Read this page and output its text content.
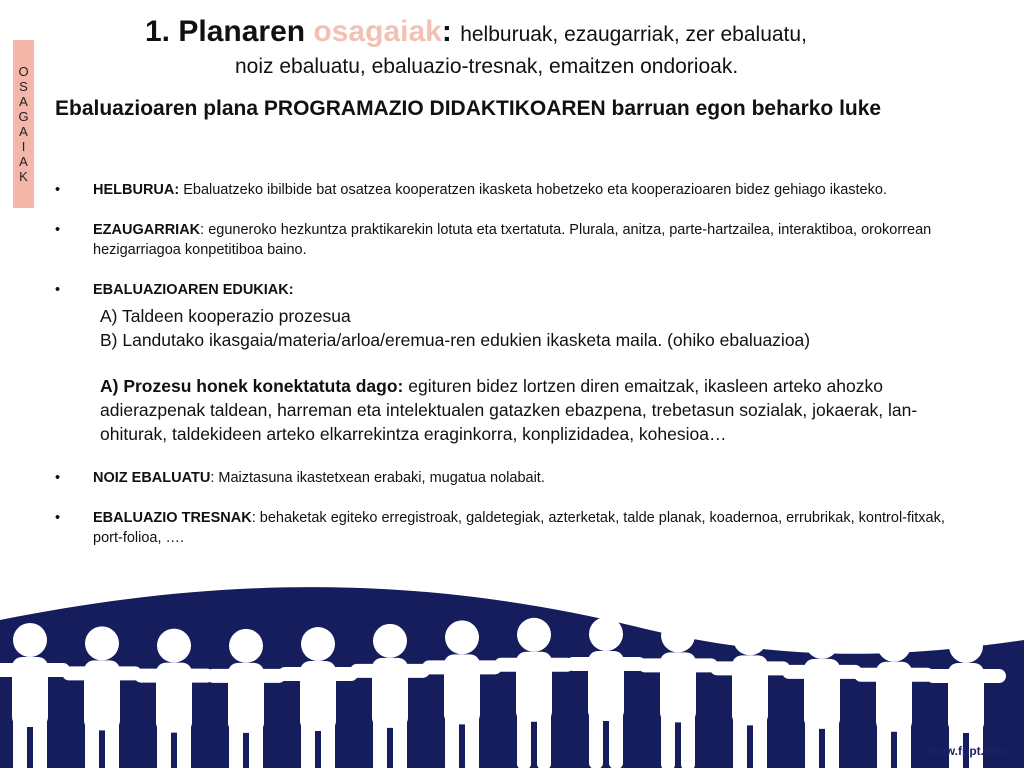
O
S
A
G
A
I
A
K
1. Planaren osagaiak: helburuak, ezaugarriak, zer ebaluatu,
noiz ebaluatu, ebaluazio-tresnak, emaitzen ondorioak.
Ebaluazioaren plana PROGRAMAZIO DIDAKTIKOAREN barruan egon beharko luke
• HELBURUA: Ebaluatzeko ibilbide bat osatzea kooperatzen ikasketa hobetzeko eta kooperazioaren bidez gehiago ikasteko.
• EZAUGARRIAK: eguneroko hezkuntza praktikarekin lotuta eta txertatuta. Plurala, anitza, parte-hartzailea, interaktiboa, orokorrean hezigarriagoa konpetitiboa baino.
• EBALUAZIOAREN EDUKIAK:
A) Taldeen kooperazio prozesua
B) Landutako ikasgaia/materia/arloa/eremua-ren edukien ikasketa maila. (ohiko ebaluazioa)
A) Prozesu honek konektatuta dago: egituren bidez lortzen diren emaitzak, ikasleen arteko ahozko adierazpenak taldean, harreman eta intelektualen gatazken ebazpena, trebetasun sozialak, jokaerak, lan-ohiturak, taldekideen arteko elkarrekintza eraginkorra, konplizidadea, kohesioa…
• NOIZ EBALUATU: Maiztasuna ikastetxean erabaki, mugatua nolabait.
• EBALUAZIO TRESNAK: behaketak egiteko erregistroak, galdetegiak, azterketak, talde planak, koadernoa, errubrikak, kontrol-fitxak, port-folioa, ….
www.fppt.info
